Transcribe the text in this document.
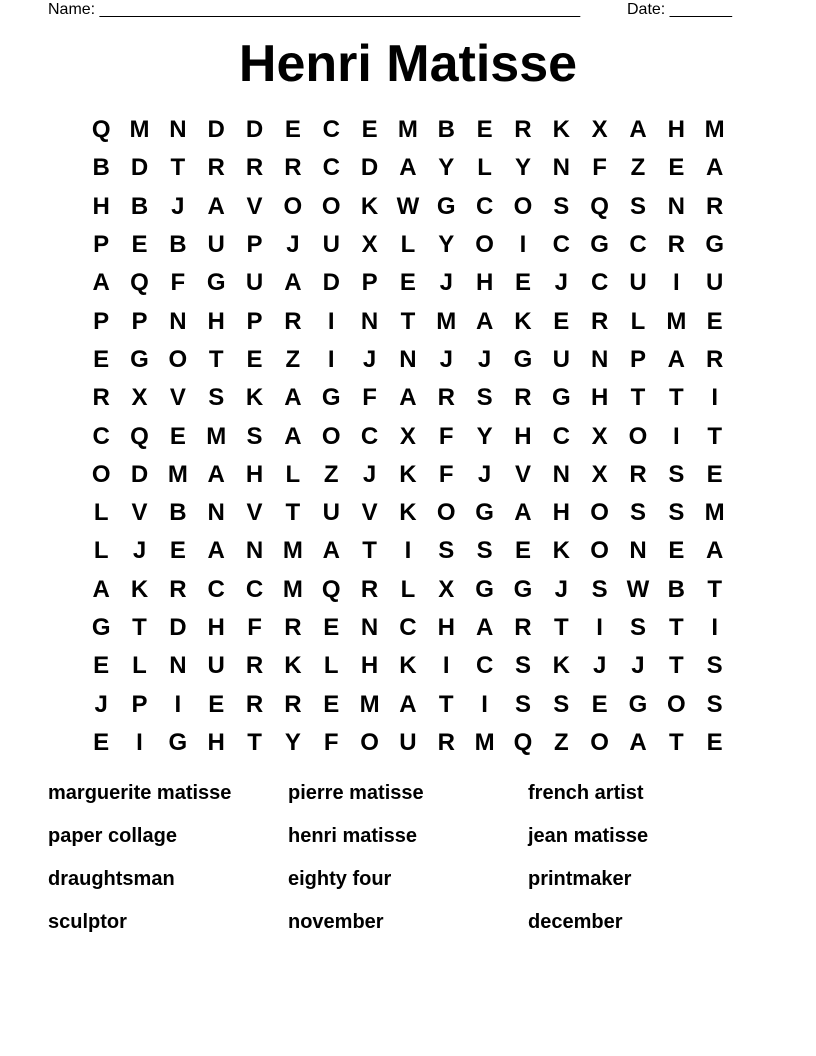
Name: ______________________________________________________

	Date: _______

Henri Matisse
Q M N D D E C E M B E R K X A H M
B D T R R R C D A Y L Y N F Z E A
H B J A V O O K W G C O S Q S N R
P E B U P J U X L Y O	I	C G C R G
A Q F G U A D P E J H E J C U	I	U
P P N H P R	I	N T M A K E R L M E
E G O T E Z	I	J N J	J G U N P A R
R X V S K A G F A R S R G H T T	I
C Q E M S A O C X F Y H C X O	I	T
O D M A H L Z	J K F	J V N X R S E
L V B N V T U V K O G A H O S S M
L	J E A N M A T	I	S S E K O N E A
A K R C C M Q R L X G G J S W B T
G T D H F R E N C H A R T	I	S T	I
E L N U R K L H K	I	C S K J	J	T S
J P	I	E R R E M A T	I	S S E G O S
E	I	G H T Y F O U R M Q Z O A T E
marguerite matisse	pierre matisse	french artist
paper collage	henri matisse	jean matisse
draughtsman	eighty four	printmaker
sculptor	november	december
